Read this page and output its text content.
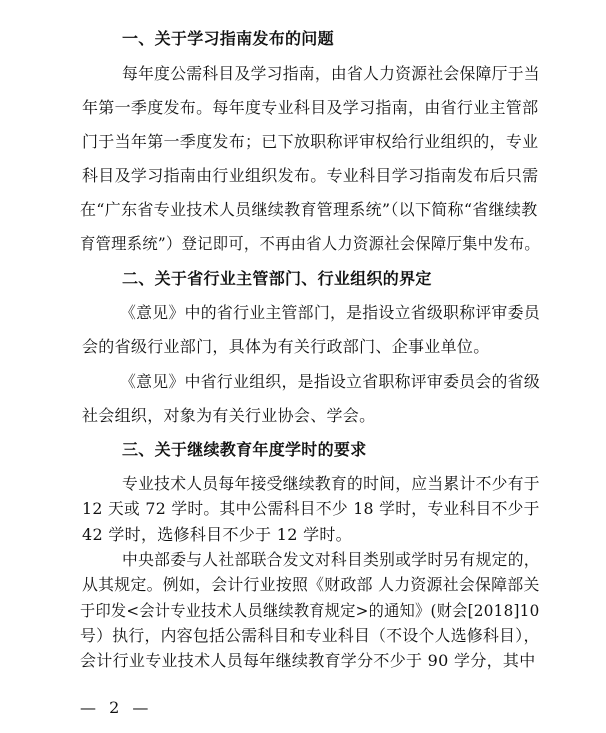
一、关于学习指南发布的问题
每年度公需科目及学习指南，由省人力资源社会保障厅于当
年第一季度发布。每年度专业科目及学习指南，由省行业主管部
门于当年第一季度发布；已下放职称评审权给行业组织的，专业
科目及学习指南由行业组织发布。专业科目学习指南发布后只需
在“广东省专业技术人员继续教育管理系统”（以下简称“省继续教
育管理系统”）登记即可，不再由省人力资源社会保障厅集中发布。
二、关于省行业主管部门、行业组织的界定
《意见》中的省行业主管部门，是指设立省级职称评审委员
会的省级行业部门，具体为有关行政部门、企事业单位。
《意见》中省行业组织，是指设立省职称评审委员会的省级
社会组织，对象为有关行业协会、学会。
三、关于继续教育年度学时的要求
专业技术人员每年接受继续教育的时间，应当累计不少有于
12 天或 72 学时。其中公需科目不少 18 学时，专业科目不少于
42 学时，选修科目不少于 12 学时。
中央部委与人社部联合发文对科目类别或学时另有规定的，
从其规定。例如，会计行业按照《财政部 人力资源社会保障部关
于印发<会计专业技术人员继续教育规定>的通知》(财会[2018]10
号）执行，内容包括公需科目和专业科目（不设个人选修科目），
会计行业专业技术人员每年继续教育学分不少于 90 学分，其中
— 2 —
